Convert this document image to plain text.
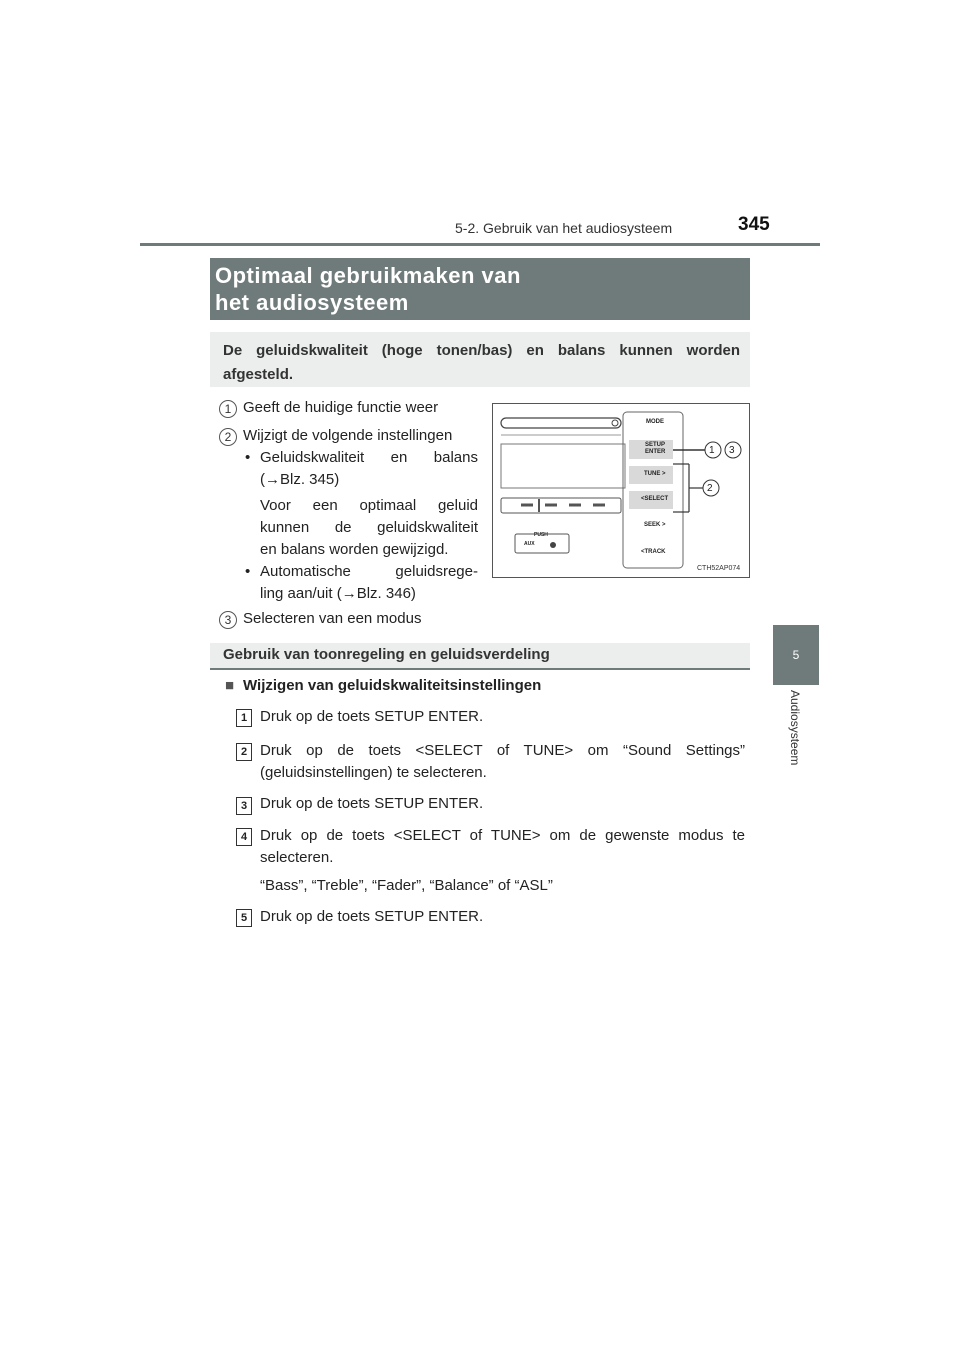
5-2. Gebruik van het audiosysteem	345
5
Audiosysteem
Optimaal gebruikmaken van
het audiosysteem

De geluidskwaliteit (hoge tonen/bas) en balans kunnen worden afgesteld.

1 Geeft de huidige functie weer
2 Wijzigt de volgende instellingen
• Geluidskwaliteit en balans
(→Blz. 345)
Voor een optimaal geluid
kunnen de geluidskwaliteit
en balans worden gewijzigd.
• Automatische geluidsrege-
ling aan/uit (→Blz. 346)
3 Selecteren van een modus
MODE
SETUP
ENTER
TUNE >
<SELECT
SEEK >
<TRACK
PUSH
AUX
1 3
2
CTH52AP074
Gebruik van toonregeling en geluidsverdeling
■ Wijzigen van geluidskwaliteitsinstellingen
1 Druk op de toets SETUP ENTER.
2 Druk op de toets <SELECT of TUNE> om “Sound Settings”
(geluidsinstellingen) te selecteren.
3 Druk op de toets SETUP ENTER.
4 Druk op de toets <SELECT of TUNE> om de gewenste modus te
selecteren.
“Bass”, “Treble”, “Fader”, “Balance” of “ASL”
5 Druk op de toets SETUP ENTER.
